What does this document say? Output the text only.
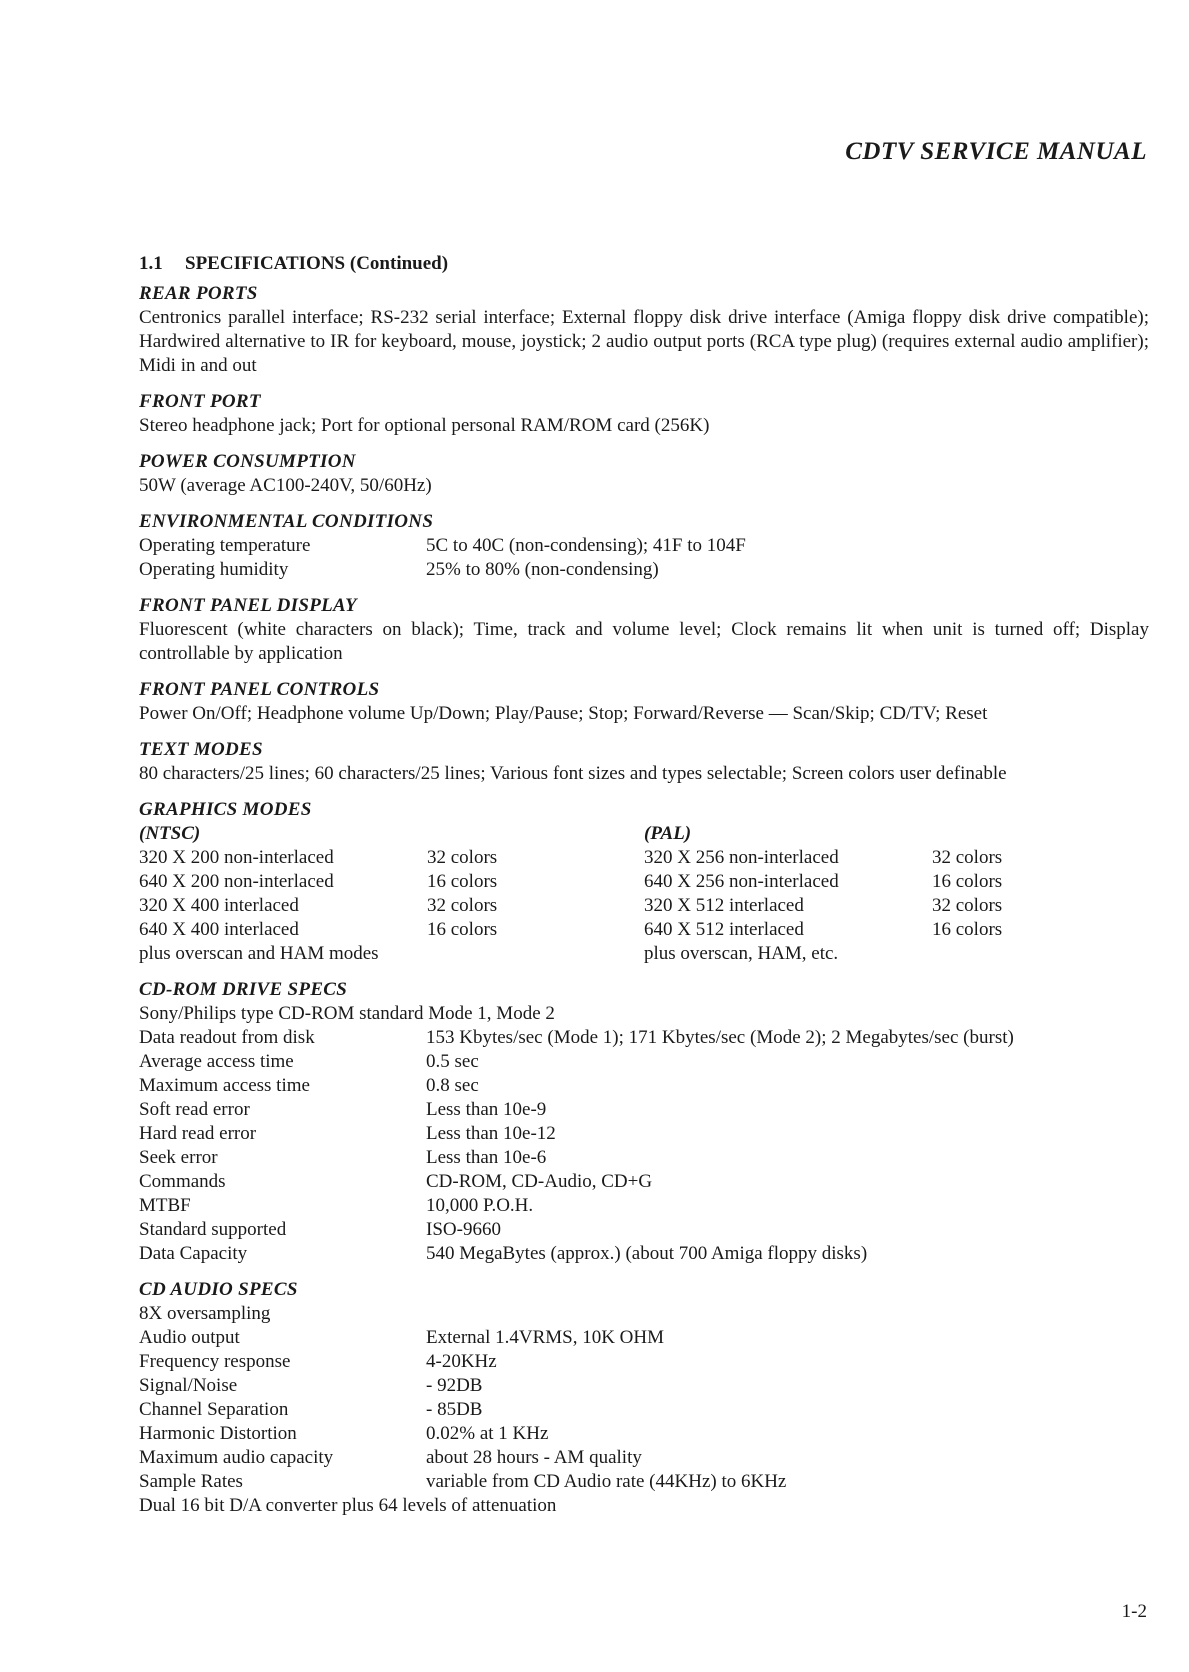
CDTV SERVICE MANUAL
1.1 SPECIFICATIONS (Continued)
REAR PORTS
Centronics parallel interface; RS-232 serial interface; External floppy disk drive interface (Amiga floppy disk drive compatible); Hardwired alternative to IR for keyboard, mouse, joystick; 2 audio output ports (RCA type plug) (requires external audio amplifier); Midi in and out
FRONT PORT
Stereo headphone jack; Port for optional personal RAM/ROM card (256K)
POWER CONSUMPTION
50W (average AC100-240V, 50/60Hz)
ENVIRONMENTAL CONDITIONS
Operating temperature	5C to 40C (non-condensing); 41F to 104F
Operating humidity	25% to 80% (non-condensing)
FRONT PANEL DISPLAY
Fluorescent (white characters on black); Time, track and volume level; Clock remains lit when unit is turned off; Display controllable by application
FRONT PANEL CONTROLS
Power On/Off; Headphone volume Up/Down; Play/Pause; Stop; Forward/Reverse — Scan/Skip; CD/TV; Reset
TEXT MODES
80 characters/25 lines; 60 characters/25 lines; Various font sizes and types selectable; Screen colors user definable
GRAPHICS MODES
(NTSC)
320 X 200 non-interlaced	32 colors
640 X 200 non-interlaced	16 colors
320 X 400 interlaced	32 colors
640 X 400 interlaced	16 colors
plus overscan and HAM modes
(PAL)
320 X 256 non-interlaced	32 colors
640 X 256 non-interlaced	16 colors
320 X 512 interlaced	32 colors
640 X 512 interlaced	16 colors
plus overscan, HAM, etc.
CD-ROM DRIVE SPECS
Sony/Philips type CD-ROM standard Mode 1, Mode 2
Data readout from disk	153 Kbytes/sec (Mode 1); 171 Kbytes/sec (Mode 2); 2 Megabytes/sec (burst)
Average access time	0.5 sec
Maximum access time	0.8 sec
Soft read error	Less than 10e-9
Hard read error	Less than 10e-12
Seek error	Less than 10e-6
Commands	CD-ROM, CD-Audio, CD+G
MTBF	10,000 P.O.H.
Standard supported	ISO-9660
Data Capacity	540 MegaBytes (approx.) (about 700 Amiga floppy disks)
CD AUDIO SPECS
8X oversampling
Audio output	External 1.4VRMS, 10K OHM
Frequency response	4-20KHz
Signal/Noise	- 92DB
Channel Separation	- 85DB
Harmonic Distortion	0.02% at 1 KHz
Maximum audio capacity	about 28 hours - AM quality
Sample Rates	variable from CD Audio rate (44KHz) to 6KHz
Dual 16 bit D/A converter plus 64 levels of attenuation
1-2
